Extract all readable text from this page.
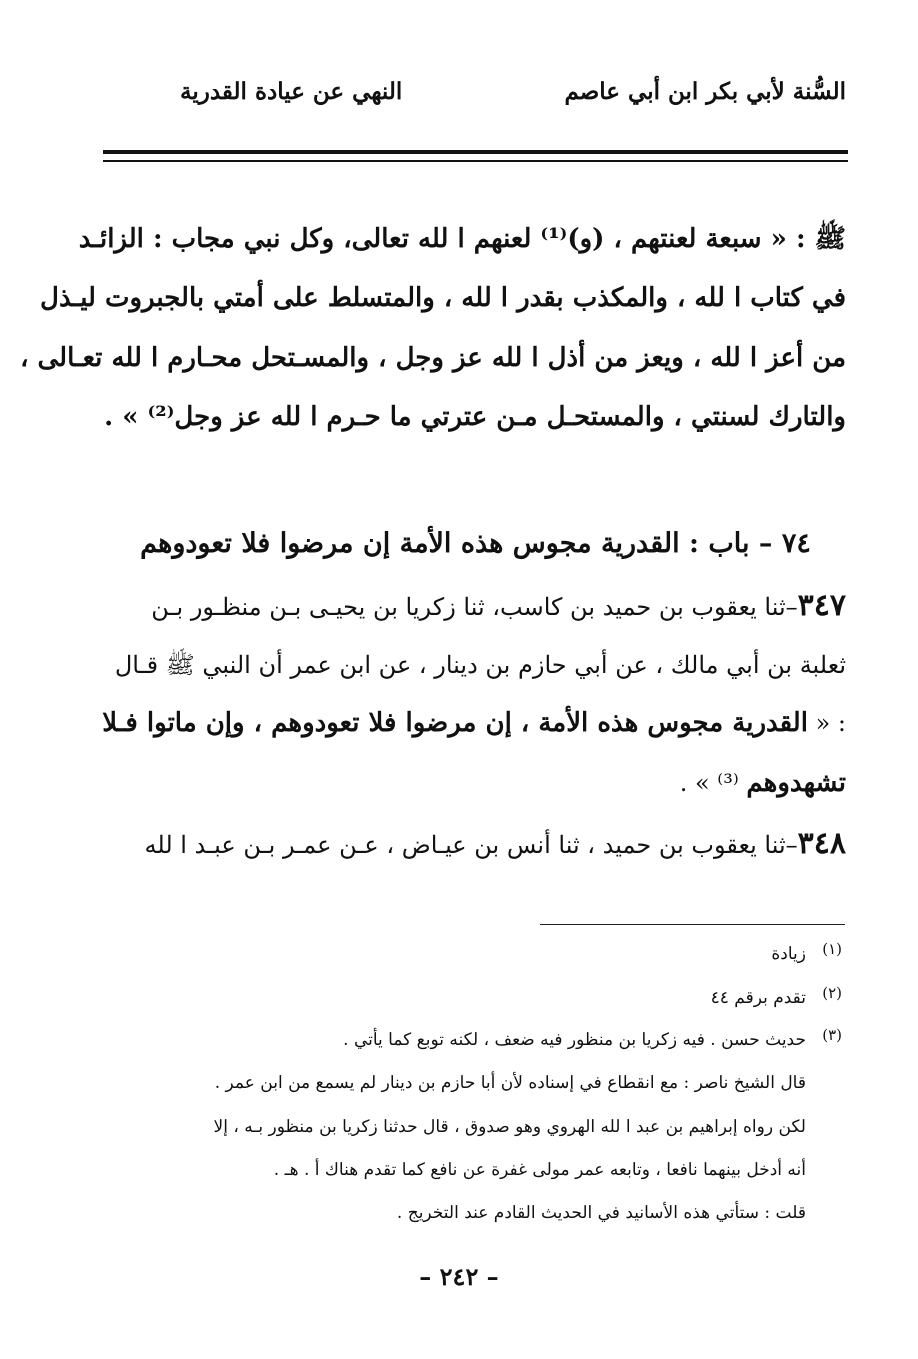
السُّنة لأبي بكر ابن أبي عاصم
النهي عن عيادة القدرية
ﷺ : « سبعة لعنتهم ، (و)⁽¹⁾ لعنهم ا لله تعالى، وكل نبي مجاب : الزائـد
في كتاب ا لله ، والمكذب بقدر ا لله ، والمتسلط على أمتي بالجبروت ليـذل
من أعز ا لله ، ويعز من أذل ا لله عز وجل ، والمسـتحل محـارم ا لله تعـالى ،
والتارك لسنتي ، والمستحـل مـن عترتي ما حـرم ا لله عز وجل⁽²⁾ » .
٧٤ – باب : القدرية مجوس هذه الأمة إن مرضوا فلا تعودوهم
٣٤٧–ثنا يعقوب بن حميد بن كاسب، ثنا زكريا بن يحيـى بـن منظـور بـن
ثعلبة بن أبي مالك ، عن أبي حازم بن دينار ، عن ابن عمر أن النبي ﷺ قـال
: « القدرية مجوس هذه الأمة ، إن مرضوا فلا تعودوهم ، وإن ماتوا فـلا
تشهدوهم ⁽³⁾ » .
٣٤٨–ثنا يعقوب بن حميد ، ثنا أنس بن عيـاض ، عـن عمـر بـن عبـد ا لله
(١)
زيادة
(٢)
تقدم برقم ٤٤
(٣)
حديث حسن . فيه زكريا بن منظور فيه ضعف ، لكنه توبع كما يأتي .
قال الشيخ ناصر : مع انقطاع في إسناده لأن أبا حازم بن دينار لم يسمع من ابن عمر .
لكن رواه إبراهيم بن عبد ا لله الهروي وهو صدوق ، قال حدثنا زكريا بن منظور بـه ، إلا
أنه أدخل بينهما نافعا ، وتابعه عمر مولى غفرة عن نافع كما تقدم هناك أ . هـ .
قلت : ستأتي هذه الأسانيد في الحديث القادم عند التخريج .
– ٢٤٢ –
